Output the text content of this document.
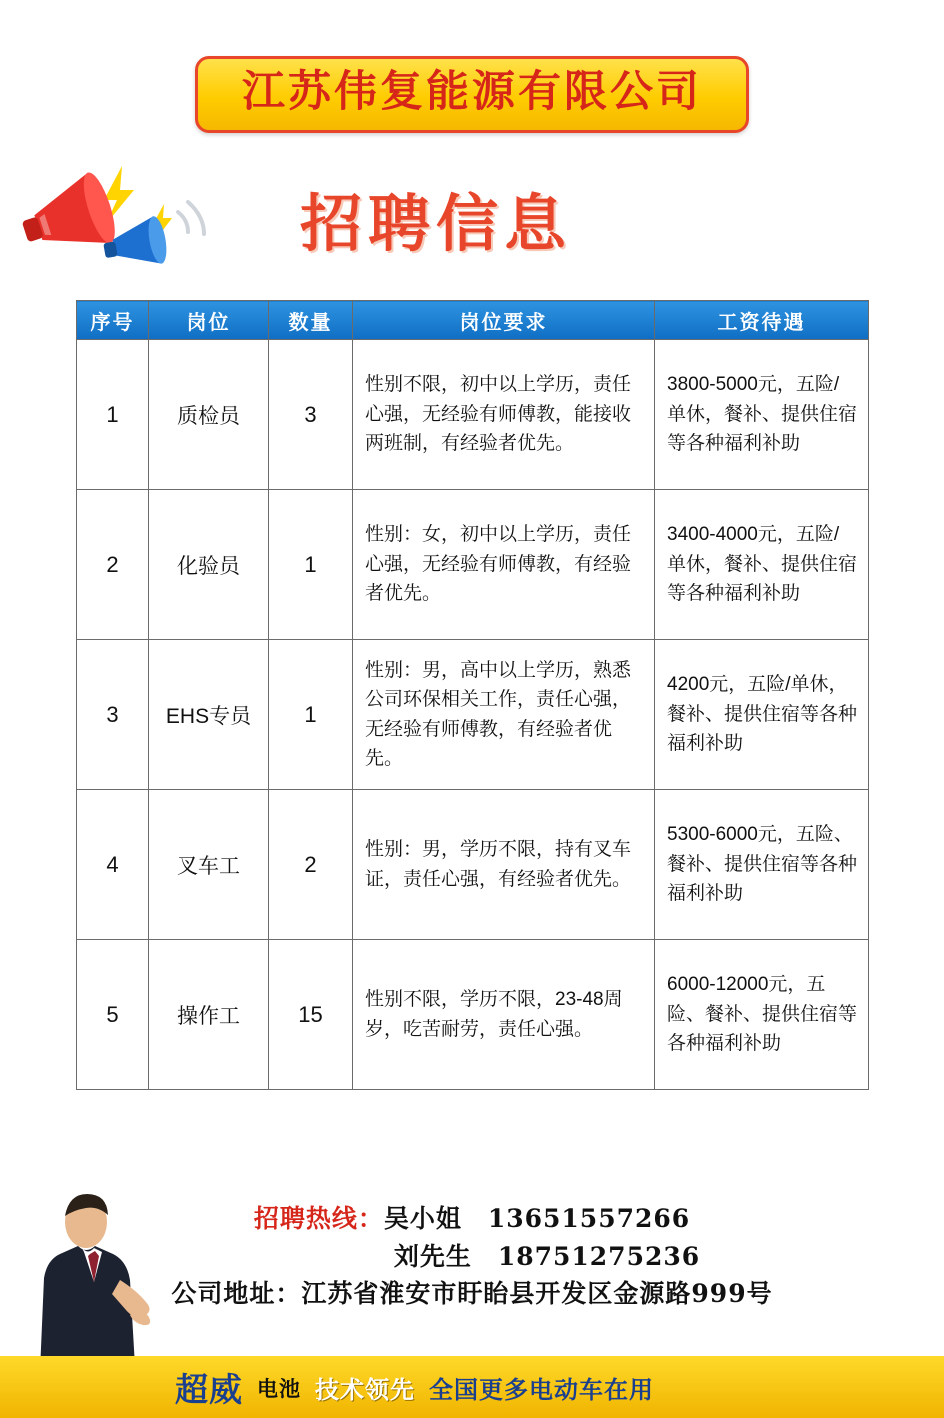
江苏伟复能源有限公司
招聘信息
序号	岗位	数量	岗位要求	工资待遇
1	质检员	3	性别不限，初中以上学历，责任心强，无经验有师傅教，能接收两班制，有经验者优先。	3800-5000元，五险/单休，餐补、提供住宿等各种福利补助
2	化验员	1	性别：女，初中以上学历，责任心强，无经验有师傅教，有经验者优先。	3400-4000元，五险/单休，餐补、提供住宿等各种福利补助
3	EHS专员	1	性别：男，高中以上学历，熟悉公司环保相关工作，责任心强，无经验有师傅教，有经验者优先。	4200元，五险/单休，餐补、提供住宿等各种福利补助
4	叉车工	2	性别：男，学历不限，持有叉车证，责任心强，有经验者优先。	5300-6000元，五险、餐补、提供住宿等各种福利补助
5	操作工	15	性别不限，学历不限，23-48周岁，吃苦耐劳，责任心强。	6000-12000元，五险、餐补、提供住宿等各种福利补助
招聘热线：吴小姐　13651557266
刘先生　18751275236
公司地址：江苏省淮安市盱眙县开发区金源路999号
超威 电池 技术领先 全国更多电动车在用
